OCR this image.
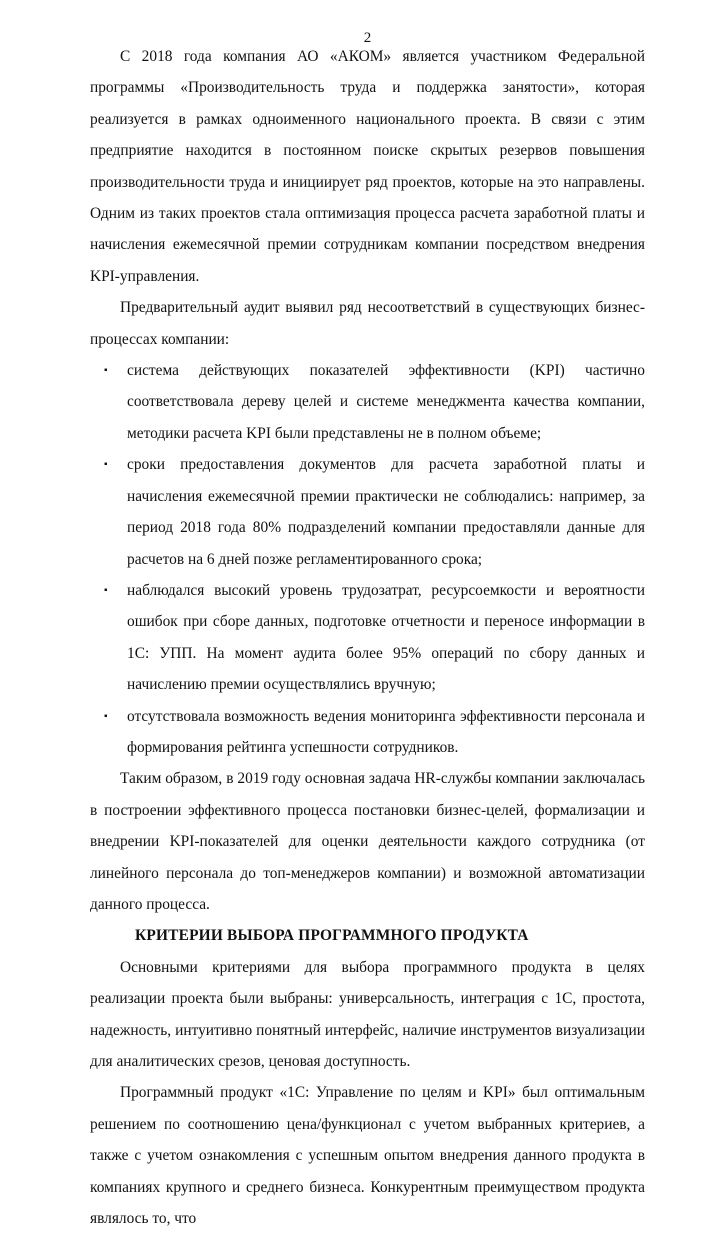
2

С 2018 года компания АО «АКОМ» является участником Федеральной программы «Производительность труда и поддержка занятости», которая реализуется в рамках одноименного национального проекта. В связи с этим предприятие находится в постоянном поиске скрытых резервов повышения производительности труда и инициирует ряд проектов, которые на это направлены. Одним из таких проектов стала оптимизация процесса расчета заработной платы и начисления ежемесячной премии сотрудникам компании посредством внедрения KPI-управления.

Предварительный аудит выявил ряд несоответствий в существующих бизнес-процессах компании:

▪ система действующих показателей эффективности (KPI) частично соответствовала дереву целей и системе менеджмента качества компании, методики расчета KPI были представлены не в полном объеме;
▪ сроки предоставления документов для расчета заработной платы и начисления ежемесячной премии практически не соблюдались: например, за период 2018 года 80% подразделений компании предоставляли данные для расчетов на 6 дней позже регламентированного срока;
▪ наблюдался высокий уровень трудозатрат, ресурсоемкости и вероятности ошибок при сборе данных, подготовке отчетности и переносе информации в 1С: УПП. На момент аудита более 95% операций по сбору данных и начислению премии осуществлялись вручную;
▪ отсутствовала возможность ведения мониторинга эффективности персонала и формирования рейтинга успешности сотрудников.

Таким образом, в 2019 году основная задача HR-службы компании заключалась в построении эффективного процесса постановки бизнес-целей, формализации и внедрении KPI-показателей для оценки деятельности каждого сотрудника (от линейного персонала до топ-менеджеров компании) и возможной автоматизации данного процесса.

КРИТЕРИИ ВЫБОРА ПРОГРАММНОГО ПРОДУКТА

Основными критериями для выбора программного продукта в целях реализации проекта были выбраны: универсальность, интеграция с 1С, простота, надежность, интуитивно понятный интерфейс, наличие инструментов визуализации для аналитических срезов, ценовая доступность.

Программный продукт «1С: Управление по целям и KPI» был оптимальным решением по соотношению цена/функционал с учетом выбранных критериев, а также с учетом ознакомления с успешным опытом внедрения данного продукта в компаниях крупного и среднего бизнеса. Конкурентным преимуществом продукта являлось то, что
